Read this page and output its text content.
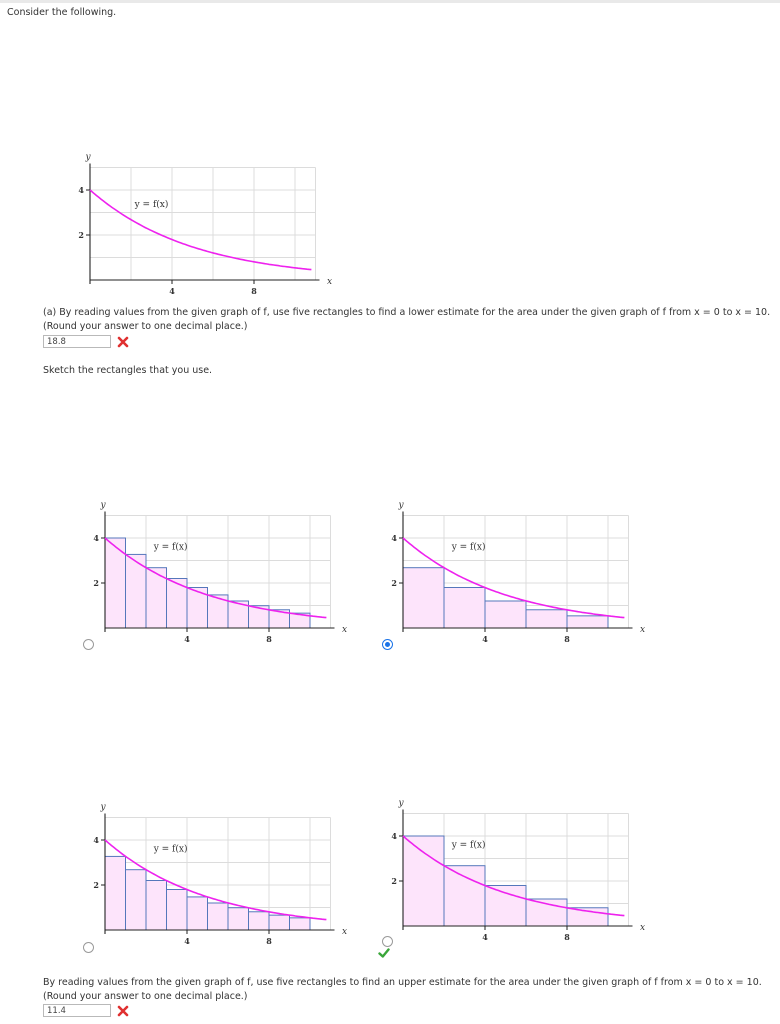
Consider the following.
4	8
4
2
y
x
y = f(x)
(a) By reading values from the given graph of f, use five rectangles to find a lower estimate for the area under the given graph of f from x = 0 to x = 10.
(Round your answer to one decimal place.)
18.8
Sketch the rectangles that you use.
4	8
4
2
y
x
y = f(x)
4	8
4
2
y
x
y = f(x)
4	8
4
2
y
x
y = f(x)
4	8
4
2
y
x
y = f(x)
By reading values from the given graph of f, use five rectangles to find an upper estimate for the area under the given graph of f from x = 0 to x = 10.
(Round your answer to one decimal place.)
11.4
